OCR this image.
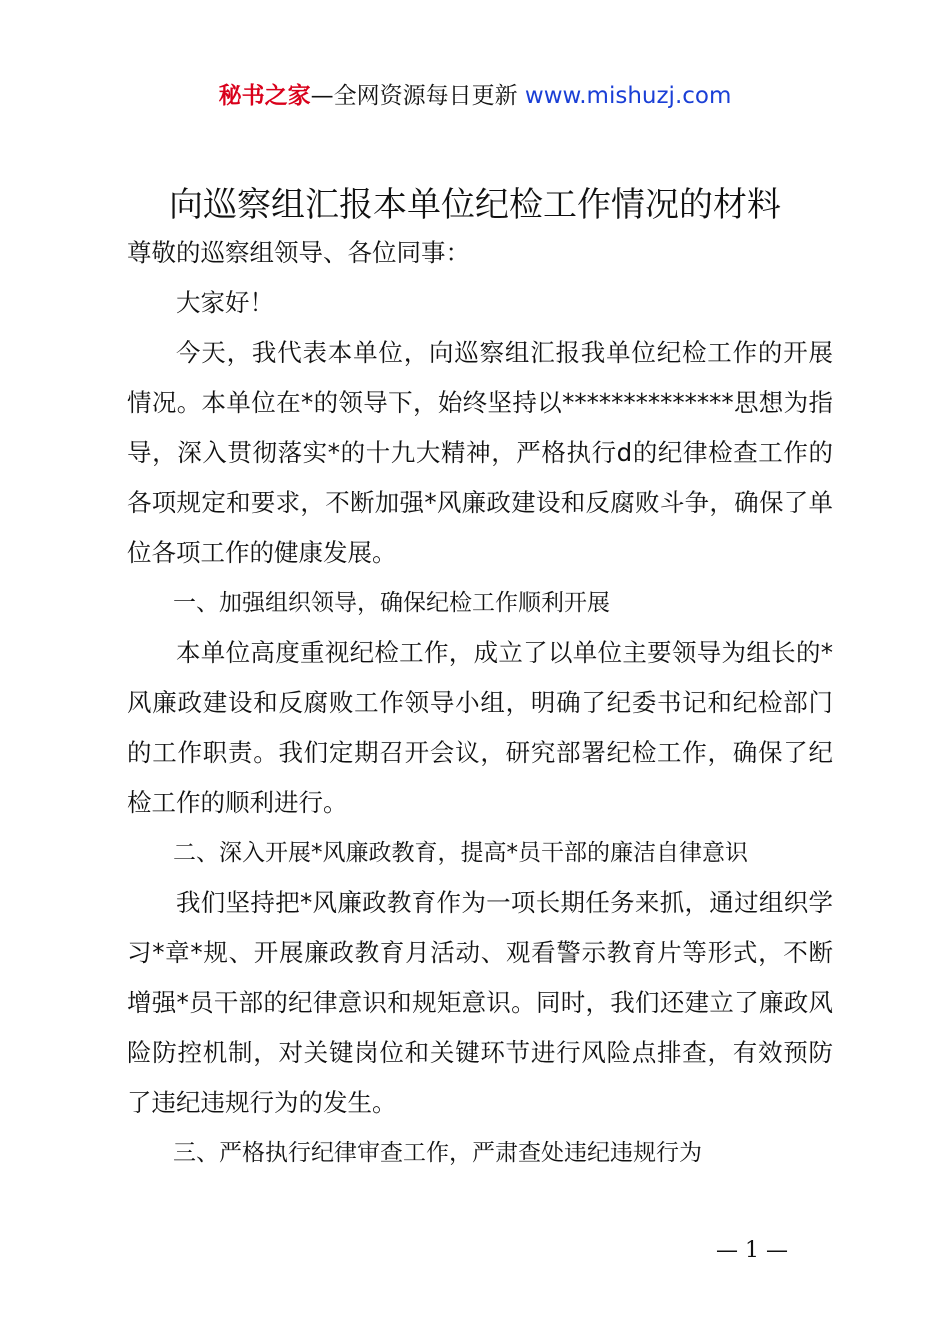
秘书之家—全网资源每日更新 www.mishuzj.com
向巡察组汇报本单位纪检工作情况的材料

尊敬的巡察组领导、各位同事：

大家好！

今天，我代表本单位，向巡察组汇报我单位纪检工作的开展情况。本单位在*的领导下，始终坚持以**************思想为指导，深入贯彻落实*的十九大精神，严格执行d的纪律检查工作的各项规定和要求，不断加强*风廉政建设和反腐败斗争，确保了单位各项工作的健康发展。

一、加强组织领导，确保纪检工作顺利开展

本单位高度重视纪检工作，成立了以单位主要领导为组长的*风廉政建设和反腐败工作领导小组，明确了纪委书记和纪检部门的工作职责。我们定期召开会议，研究部署纪检工作，确保了纪检工作的顺利进行。

二、深入开展*风廉政教育，提高*员干部的廉洁自律意识

我们坚持把*风廉政教育作为一项长期任务来抓，通过组织学习*章*规、开展廉政教育月活动、观看警示教育片等形式，不断增强*员干部的纪律意识和规矩意识。同时，我们还建立了廉政风险防控机制，对关键岗位和关键环节进行风险点排查，有效预防了违纪违规行为的发生。

三、严格执行纪律审查工作，严肃查处违纪违规行为

— 1 —
